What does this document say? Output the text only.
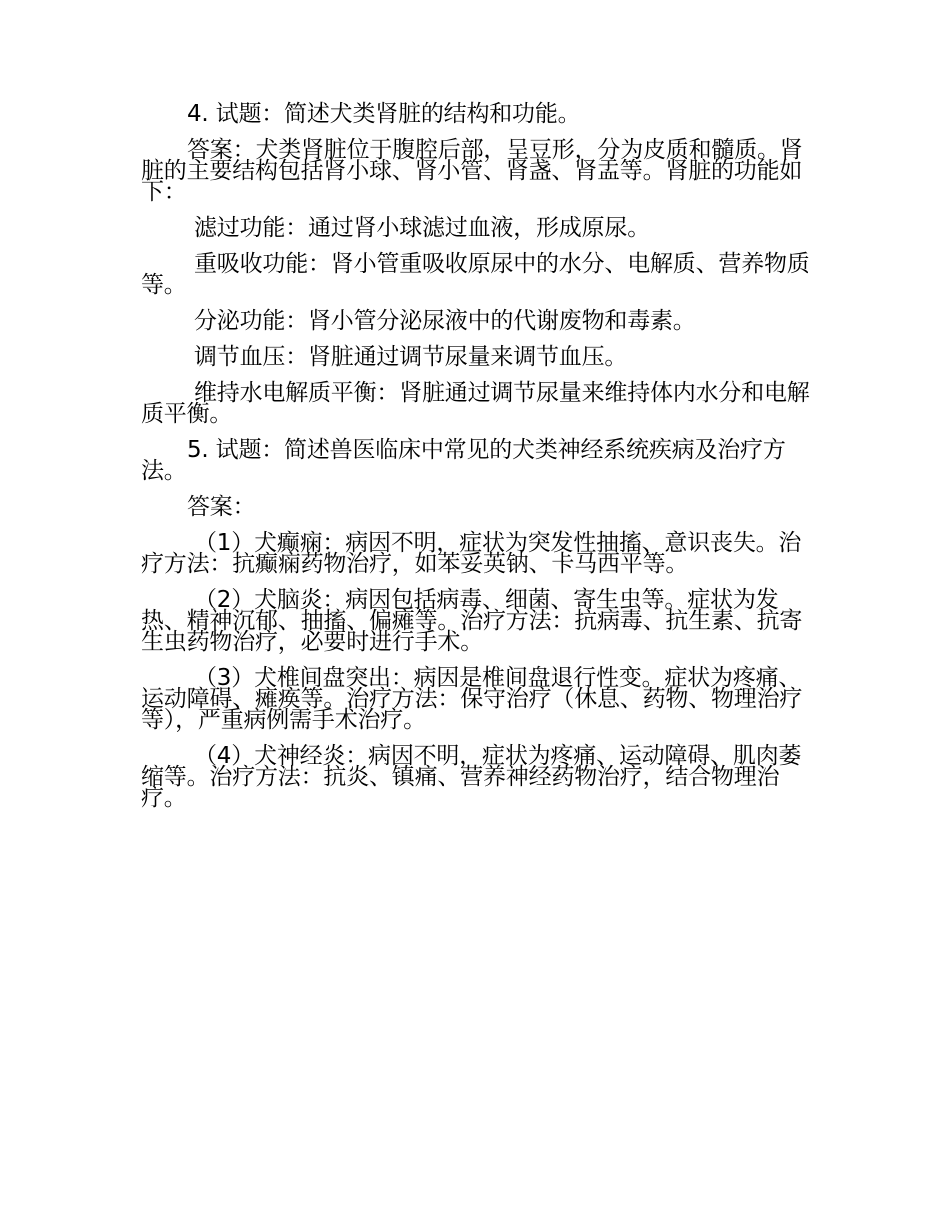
4. 试题：简述犬类肾脏的结构和功能。

答案：犬类肾脏位于腹腔后部，呈豆形，分为皮质和髓质。肾脏的主要结构包括肾小球、肾小管、肾盏、肾盂等。肾脏的功能如下：

滤过功能：通过肾小球滤过血液，形成原尿。

重吸收功能：肾小管重吸收原尿中的水分、电解质、营养物质等。

分泌功能：肾小管分泌尿液中的代谢废物和毒素。

调节血压：肾脏通过调节尿量来调节血压。

维持水电解质平衡：肾脏通过调节尿量来维持体内水分和电解质平衡。

5. 试题：简述兽医临床中常见的犬类神经系统疾病及治疗方法。

答案：

（1）犬癫痫：病因不明，症状为突发性抽搐、意识丧失。治疗方法：抗癫痫药物治疗，如苯妥英钠、卡马西平等。

（2）犬脑炎：病因包括病毒、细菌、寄生虫等。症状为发热、精神沉郁、抽搐、偏瘫等。治疗方法：抗病毒、抗生素、抗寄生虫药物治疗，必要时进行手术。

（3）犬椎间盘突出：病因是椎间盘退行性变。症状为疼痛、运动障碍、瘫痪等。治疗方法：保守治疗（休息、药物、物理治疗等），严重病例需手术治疗。

（4）犬神经炎：病因不明，症状为疼痛、运动障碍、肌肉萎缩等。治疗方法：抗炎、镇痛、营养神经药物治疗，结合物理治疗。
